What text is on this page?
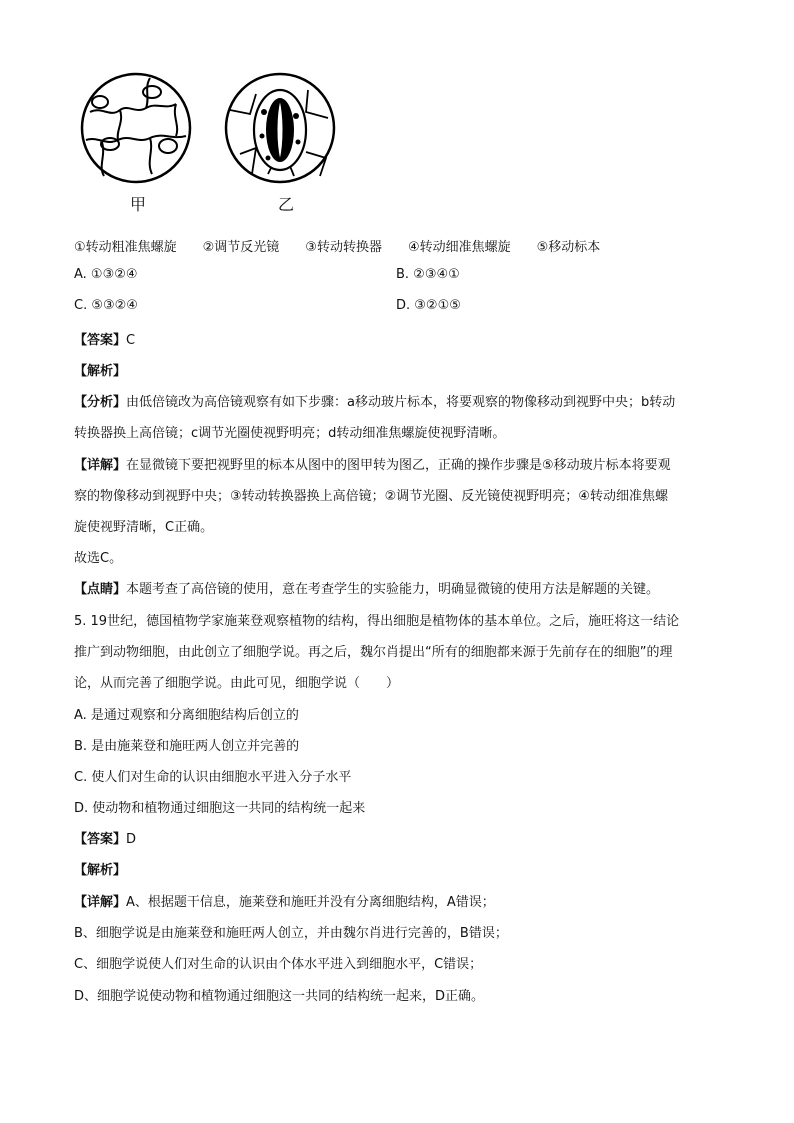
甲	乙
①转动粗准焦螺旋　　②调节反光镜　　③转动转换器　　④转动细准焦螺旋　　⑤移动标本
A. ①③②④	B. ②③④①
C. ⑤③②④	D. ③②①⑤
【答案】C
【解析】
【分析】由低倍镜改为高倍镜观察有如下步骤：a移动玻片标本，将要观察的物像移动到视野中央；b转动
转换器换上高倍镜；c调节光圈使视野明亮；d转动细准焦螺旋使视野清晰。
【详解】在显微镜下要把视野里的标本从图中的图甲转为图乙，正确的操作步骤是⑤移动玻片标本将要观
察的物像移动到视野中央；③转动转换器换上高倍镜；②调节光圈、反光镜使视野明亮；④转动细准焦螺
旋使视野清晰，C正确。
故选C。
【点睛】本题考查了高倍镜的使用，意在考查学生的实验能力，明确显微镜的使用方法是解题的关键。
5. 19世纪，德国植物学家施莱登观察植物的结构，得出细胞是植物体的基本单位。之后，施旺将这一结论
推广到动物细胞，由此创立了细胞学说。再之后，魏尔肖提出“所有的细胞都来源于先前存在的细胞”的理
论，从而完善了细胞学说。由此可见，细胞学说（　　）
A. 是通过观察和分离细胞结构后创立的
B. 是由施莱登和施旺两人创立并完善的
C. 使人们对生命的认识由细胞水平进入分子水平
D. 使动物和植物通过细胞这一共同的结构统一起来
【答案】D
【解析】
【详解】A、根据题干信息，施莱登和施旺并没有分离细胞结构，A错误；
B、细胞学说是由施莱登和施旺两人创立，并由魏尔肖进行完善的，B错误；
C、细胞学说使人们对生命的认识由个体水平进入到细胞水平，C错误；
D、细胞学说使动物和植物通过细胞这一共同的结构统一起来，D正确。
